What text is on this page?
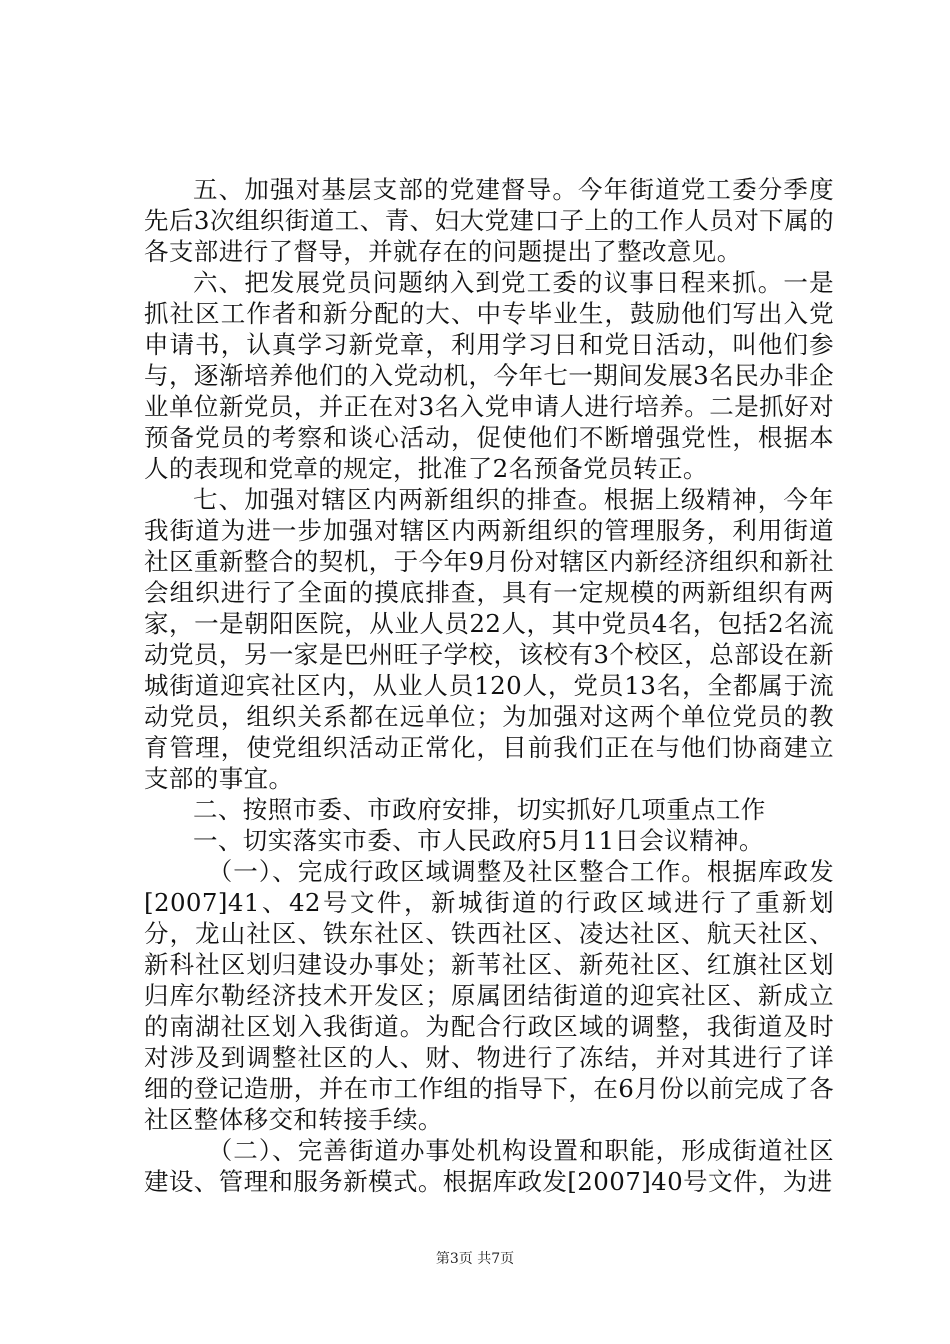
五、加强对基层支部的党建督导。今年街道党工委分季度先后3次组织街道工、青、妇大党建口子上的工作人员对下属的各支部进行了督导，并就存在的问题提出了整改意见。

六、把发展党员问题纳入到党工委的议事日程来抓。一是抓社区工作者和新分配的大、中专毕业生，鼓励他们写出入党申请书，认真学习新党章，利用学习日和党日活动，叫他们参与，逐渐培养他们的入党动机，今年七一期间发展3名民办非企业单位新党员，并正在对3名入党申请人进行培养。二是抓好对预备党员的考察和谈心活动，促使他们不断增强党性，根据本人的表现和党章的规定，批准了2名预备党员转正。

七、加强对辖区内两新组织的排查。根据上级精神，今年我街道为进一步加强对辖区内两新组织的管理服务，利用街道社区重新整合的契机，于今年9月份对辖区内新经济组织和新社会组织进行了全面的摸底排查，具有一定规模的两新组织有两家，一是朝阳医院，从业人员22人，其中党员4名，包括2名流动党员，另一家是巴州旺子学校，该校有3个校区，总部设在新城街道迎宾社区内，从业人员120人，党员13名，全都属于流动党员，组织关系都在远单位；为加强对这两个单位党员的教育管理，使党组织活动正常化，目前我们正在与他们协商建立支部的事宜。

二、按照市委、市政府安排，切实抓好几项重点工作

一、切实落实市委、市人民政府5月11日会议精神。

（一）、完成行政区域调整及社区整合工作。根据库政发[2007]41、42号文件，新城街道的行政区域进行了重新划分，龙山社区、铁东社区、铁西社区、凌达社区、航天社区、新科社区划归建设办事处；新苇社区、新苑社区、红旗社区划归库尔勒经济技术开发区；原属团结街道的迎宾社区、新成立的南湖社区划入我街道。为配合行政区域的调整，我街道及时对涉及到调整社区的人、财、物进行了冻结，并对其进行了详细的登记造册，并在市工作组的指导下，在6月份以前完成了各社区整体移交和转接手续。

（二）、完善街道办事处机构设置和职能，形成街道社区建设、管理和服务新模式。根据库政发[2007]40号文件，为进

第3页 共7页
